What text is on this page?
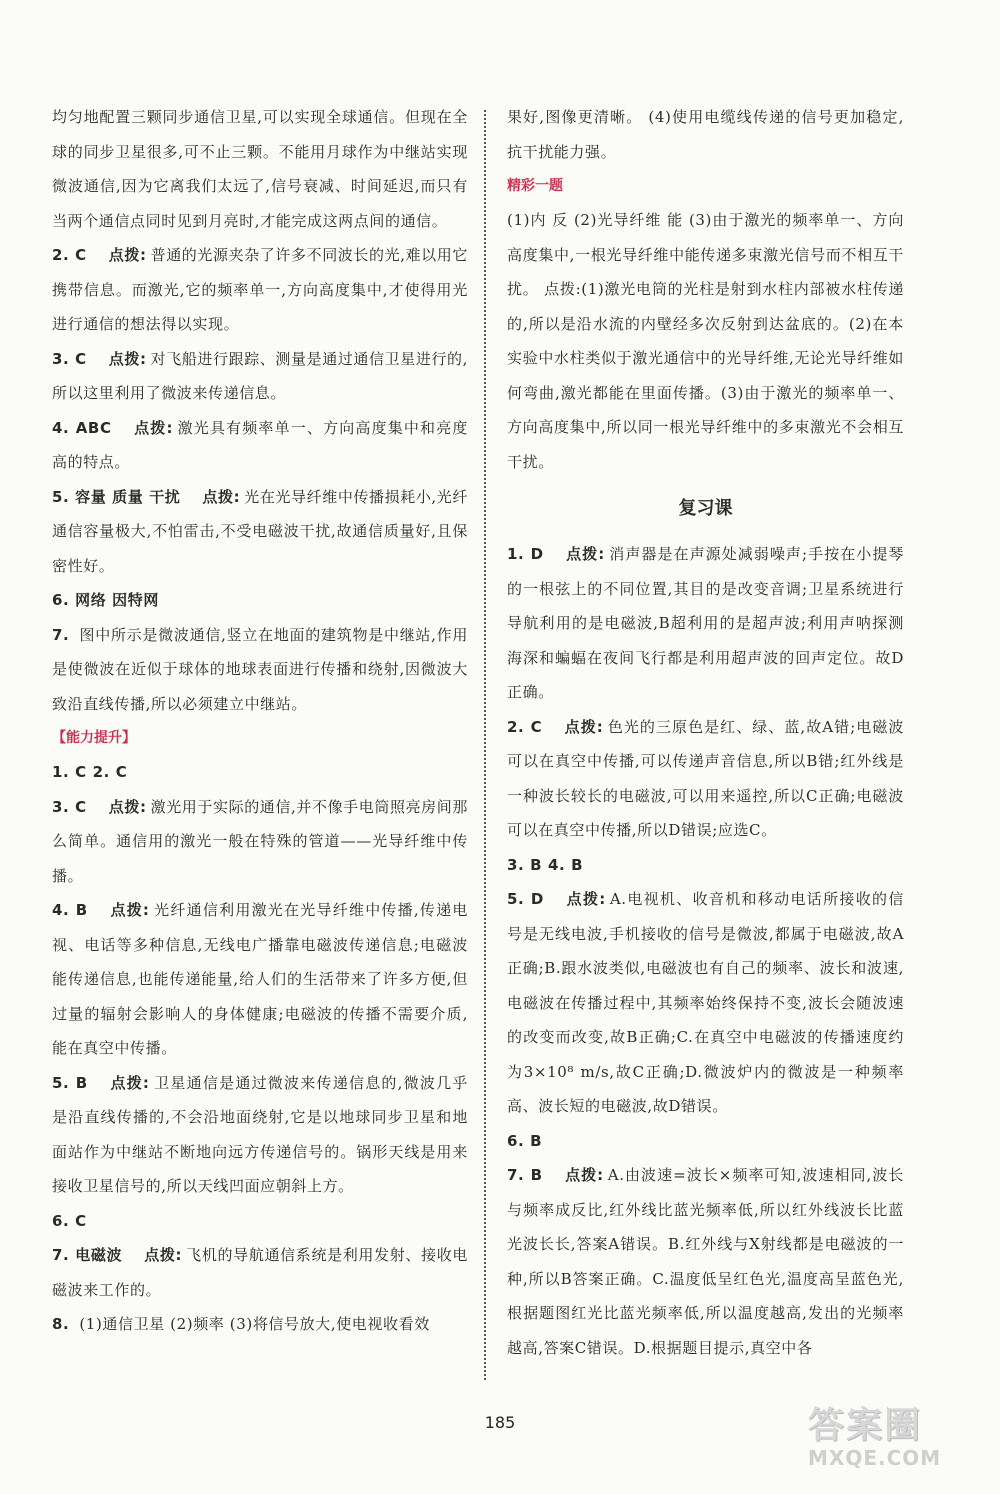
均匀地配置三颗同步通信卫星,可以实现全球通信。但现在全球的同步卫星很多,可不止三颗。不能用月球作为中继站实现微波通信,因为它离我们太远了,信号衰减、时间延迟,而只有当两个通信点同时见到月亮时,才能完成这两点间的通信。

2. C 点拨: 普通的光源夹杂了许多不同波长的光,难以用它携带信息。而激光,它的频率单一,方向高度集中,才使得用光进行通信的想法得以实现。

3. C 点拨: 对飞船进行跟踪、测量是通过通信卫星进行的,所以这里利用了微波来传递信息。

4. ABC 点拨: 激光具有频率单一、方向高度集中和亮度高的特点。

5. 容量 质量 干扰 点拨: 光在光导纤维中传播损耗小,光纤通信容量极大,不怕雷击,不受电磁波干扰,故通信质量好,且保密性好。

6. 网络 因特网

7. 图中所示是微波通信,竖立在地面的建筑物是中继站,作用是使微波在近似于球体的地球表面进行传播和绕射,因微波大致沿直线传播,所以必须建立中继站。

【能力提升】

1. C 2. C

3. C 点拨: 激光用于实际的通信,并不像手电筒照亮房间那么简单。通信用的激光一般在特殊的管道——光导纤维中传播。

4. B 点拨: 光纤通信利用激光在光导纤维中传播,传递电视、电话等多种信息,无线电广播靠电磁波传递信息;电磁波能传递信息,也能传递能量,给人们的生活带来了许多方便,但过量的辐射会影响人的身体健康;电磁波的传播不需要介质,能在真空中传播。

5. B 点拨: 卫星通信是通过微波来传递信息的,微波几乎是沿直线传播的,不会沿地面绕射,它是以地球同步卫星和地面站作为中继站不断地向远方传递信号的。锅形天线是用来接收卫星信号的,所以天线凹面应朝斜上方。

6. C

7. 电磁波 点拨: 飞机的导航通信系统是利用发射、接收电磁波来工作的。

8. (1)通信卫星 (2)频率 (3)将信号放大,使电视收看效

果好,图像更清晰。 (4)使用电缆线传递的信号更加稳定,抗干扰能力强。

精彩一题

(1)内 反 (2)光导纤维 能 (3)由于激光的频率单一、方向高度集中,一根光导纤维中能传递多束激光信号而不相互干扰。 点拨:(1)激光电筒的光柱是射到水柱内部被水柱传递的,所以是沿水流的内壁经多次反射到达盆底的。(2)在本实验中水柱类似于激光通信中的光导纤维,无论光导纤维如何弯曲,激光都能在里面传播。(3)由于激光的频率单一、方向高度集中,所以同一根光导纤维中的多束激光不会相互干扰。

复习课

1. D 点拨: 消声器是在声源处减弱噪声;手按在小提琴的一根弦上的不同位置,其目的是改变音调;卫星系统进行导航利用的是电磁波,B超利用的是超声波;利用声呐探测海深和蝙蝠在夜间飞行都是利用超声波的回声定位。故D正确。

2. C 点拨: 色光的三原色是红、绿、蓝,故A错;电磁波可以在真空中传播,可以传递声音信息,所以B错;红外线是一种波长较长的电磁波,可以用来遥控,所以C正确;电磁波可以在真空中传播,所以D错误;应选C。

3. B 4. B

5. D 点拨: A.电视机、收音机和移动电话所接收的信号是无线电波,手机接收的信号是微波,都属于电磁波,故A正确;B.跟水波类似,电磁波也有自己的频率、波长和波速,电磁波在传播过程中,其频率始终保持不变,波长会随波速的改变而改变,故B正确;C.在真空中电磁波的传播速度约为3×10⁸ m/s,故C正确;D.微波炉内的微波是一种频率高、波长短的电磁波,故D错误。

6. B

7. B 点拨: A.由波速=波长×频率可知,波速相同,波长与频率成反比,红外线比蓝光频率低,所以红外线波长比蓝光波长长,答案A错误。B.红外线与X射线都是电磁波的一种,所以B答案正确。C.温度低呈红色光,温度高呈蓝色光,根据题图红光比蓝光频率低,所以温度越高,发出的光频率越高,答案C错误。D.根据题目提示,真空中各

185	答案圈
MXQE.COM
